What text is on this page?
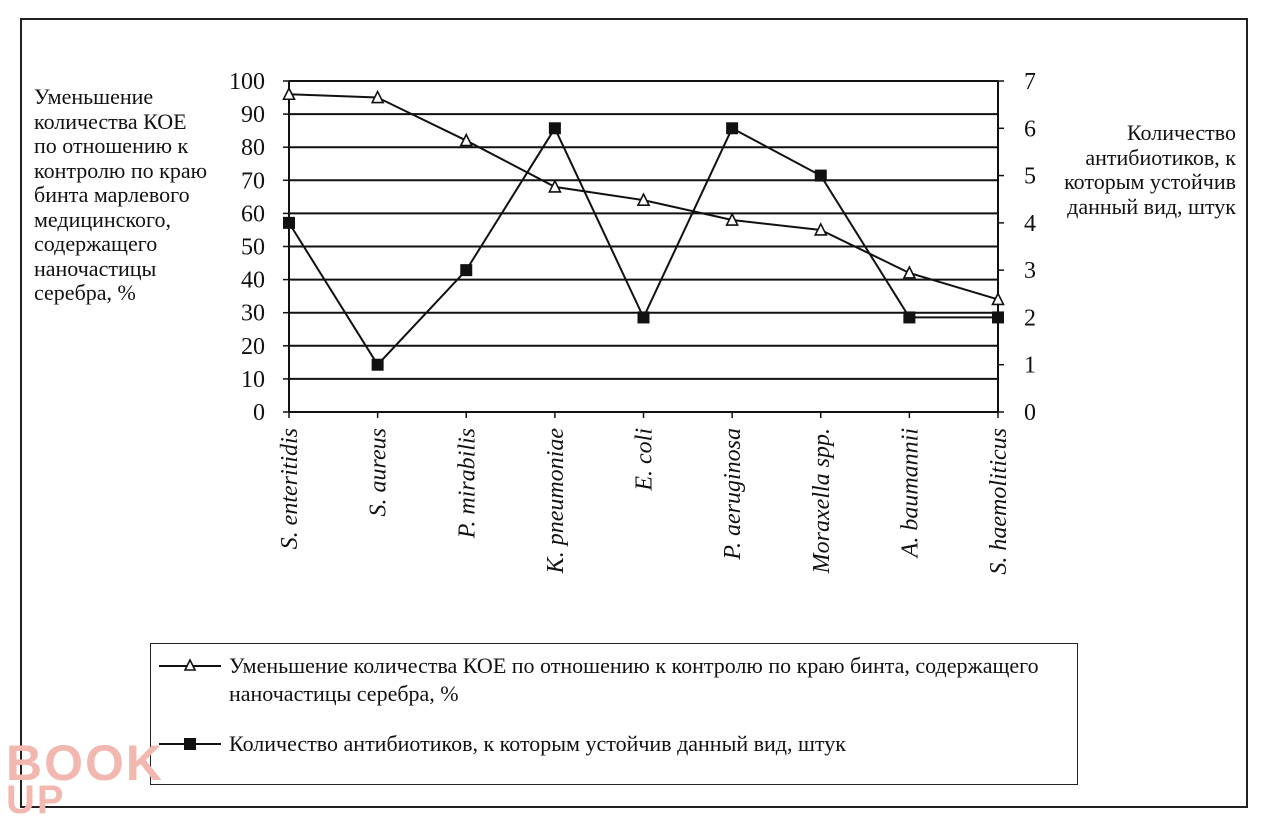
Уменьшение количества КОЕ по отношению к контролю по краю бинта марлевого медицинского, содержащего наночастицы серебра, %
Количество антибиотиков, к которым устойчив данный вид, штук
0
10
20
30
40
50
60
70
80
90
100
0
1
2
3
4
5
6
7
S. enteritidis	S. aureus	P. mirabilis	K. pneumoniae	E. coli	P. aeruginosa	Moraxella spp.	A. baumannii	S. haemoliticus
Уменьшение количества КОЕ по отношению к контролю по краю бинта, содержащего наночастицы серебра, %
Количество антибиотиков, к которым устойчив данный вид, штук
BOOK
UP
